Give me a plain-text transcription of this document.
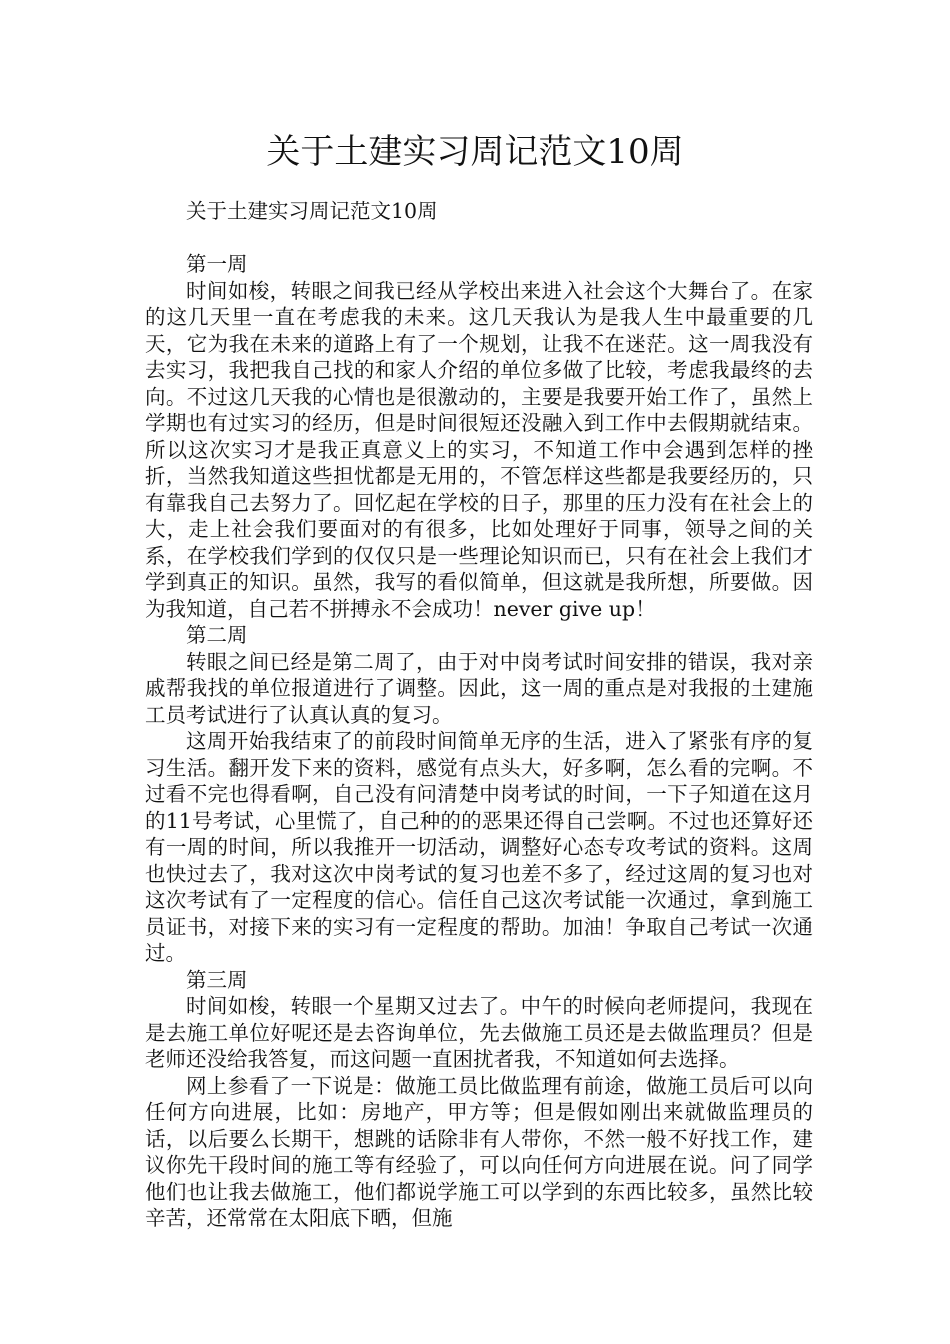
关于土建实习周记范文10周

关于土建实习周记范文10周

第一周

时间如梭，转眼之间我已经从学校出来进入社会这个大舞台了。在家的这几天里一直在考虑我的未来。这几天我认为是我人生中最重要的几天，它为我在未来的道路上有了一个规划，让我不在迷茫。这一周我没有去实习，我把我自己找的和家人介绍的单位多做了比较，考虑我最终的去向。不过这几天我的心情也是很激动的，主要是我要开始工作了，虽然上学期也有过实习的经历，但是时间很短还没融入到工作中去假期就结束。所以这次实习才是我正真意义上的实习，不知道工作中会遇到怎样的挫折，当然我知道这些担忧都是无用的，不管怎样这些都是我要经历的，只有靠我自己去努力了。回忆起在学校的日子，那里的压力没有在社会上的大，走上社会我们要面对的有很多，比如处理好于同事，领导之间的关系，在学校我们学到的仅仅只是一些理论知识而已，只有在社会上我们才学到真正的知识。虽然，我写的看似简单，但这就是我所想，所要做。因为我知道，自己若不拼搏永不会成功！never give up！

第二周

转眼之间已经是第二周了，由于对中岗考试时间安排的错误，我对亲戚帮我找的单位报道进行了调整。因此，这一周的重点是对我报的土建施工员考试进行了认真认真的复习。

这周开始我结束了的前段时间简单无序的生活，进入了紧张有序的复习生活。翻开发下来的资料，感觉有点头大，好多啊，怎么看的完啊。不过看不完也得看啊，自己没有问清楚中岗考试的时间，一下子知道在这月的11号考试，心里慌了，自己种的的恶果还得自己尝啊。不过也还算好还有一周的时间，所以我推开一切活动，调整好心态专攻考试的资料。这周也快过去了，我对这次中岗考试的复习也差不多了，经过这周的复习也对这次考试有了一定程度的信心。信任自己这次考试能一次通过，拿到施工员证书，对接下来的实习有一定程度的帮助。加油！争取自己考试一次通过。

第三周

时间如梭，转眼一个星期又过去了。中午的时候向老师提问，我现在是去施工单位好呢还是去咨询单位，先去做施工员还是去做监理员？但是老师还没给我答复，而这问题一直困扰者我，不知道如何去选择。

网上参看了一下说是：做施工员比做监理有前途，做施工员后可以向任何方向进展，比如：房地产，甲方等；但是假如刚出来就做监理员的话，以后要么长期干，想跳的话除非有人带你，不然一般不好找工作，建议你先干段时间的施工等有经验了，可以向任何方向进展在说。问了同学他们也让我去做施工，他们都说学施工可以学到的东西比较多，虽然比较辛苦，还常常在太阳底下晒，但施
